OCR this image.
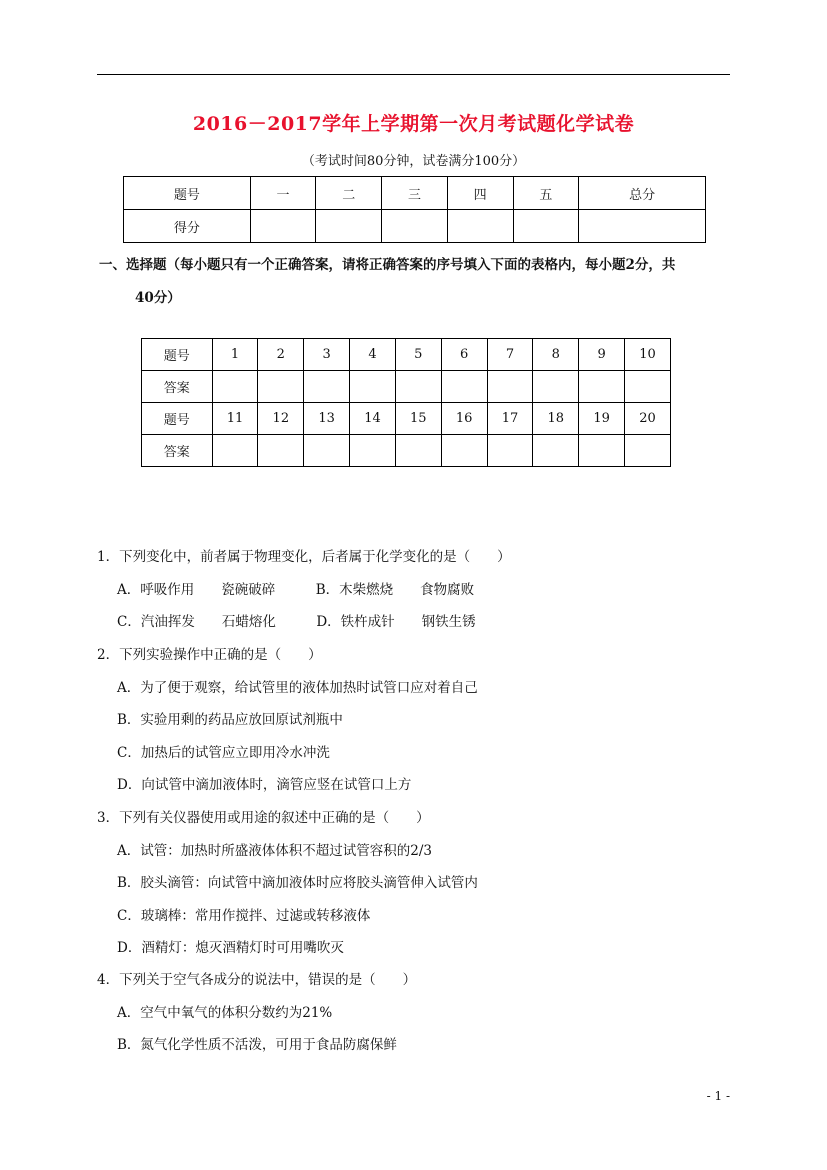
2016－2017学年上学期第一次月考试题化学试卷
（考试时间80分钟，试卷满分100分）
题号	一	二	三	四	五	总分
得分						
一、选择题（每小题只有一个正确答案，请将正确答案的序号填入下面的表格内，每小题2分，共
40分）
题号	1	2	3	4	5	6	7	8	9	10
答案										
题号	11	12	13	14	15	16	17	18	19	20
答案										
1．下列变化中，前者属于物理变化，后者属于化学变化的是（　　）
A．呼吸作用　　瓷碗破碎　　　B．木柴燃烧　　食物腐败
C．汽油挥发　　石蜡熔化　　　D．铁杵成针　　钢铁生锈
2．下列实验操作中正确的是（　　）
A．为了便于观察，给试管里的液体加热时试管口应对着自己
B．实验用剩的药品应放回原试剂瓶中
C．加热后的试管应立即用冷水冲洗
D．向试管中滴加液体时，滴管应竖在试管口上方
3．下列有关仪器使用或用途的叙述中正确的是（　　）
A．试管：加热时所盛液体体积不超过试管容积的2/3
B．胶头滴管：向试管中滴加液体时应将胶头滴管伸入试管内
C．玻璃棒：常用作搅拌、过滤或转移液体
D．酒精灯：熄灭酒精灯时可用嘴吹灭
4．下列关于空气各成分的说法中，错误的是（　　）
A．空气中氧气的体积分数约为21%
B．氮气化学性质不活泼，可用于食品防腐保鲜
- 1 -
